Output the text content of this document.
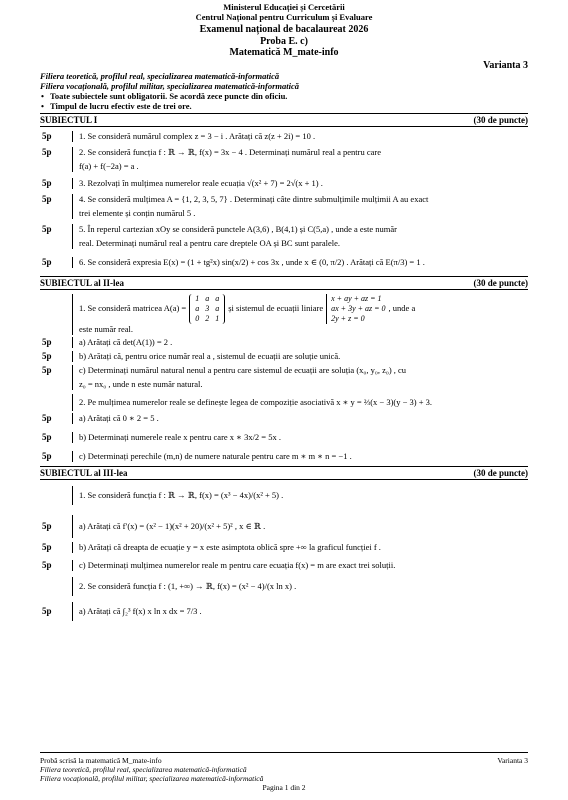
Ministerul Educației și Cercetării
Centrul Național pentru Curriculum și Evaluare
Examenul național de bacalaureat 2026
Proba E. c)
Matematică M_mate-info
Varianta 3
Filiera teoretică, profilul real, specializarea matematică-informatică
Filiera vocațională, profilul militar, specializarea matematică-informatică
• Toate subiectele sunt obligatorii. Se acordă zece puncte din oficiu.
• Timpul de lucru efectiv este de trei ore.
SUBIECTUL I	(30 de puncte)
5p	1. Se consideră numărul complex z = 3 − i . Arătați că z(z + 2i) = 10 .
5p	2. Se consideră funcția f : ℝ → ℝ, f(x) = 3x − 4 . Determinați numărul real a pentru care
f(a) + f(−2a) = a .
5p	3. Rezolvați în mulțimea numerelor reale ecuația √(x² + 7) = 2√(x + 1) .
5p	4. Se consideră mulțimea A = {1, 2, 3, 5, 7} . Determinați câte dintre submulțimile mulțimii A au exact
trei elemente și conțin numărul 5 .
5p	5. În reperul cartezian xOy se consideră punctele A(3,6) , B(4,1) și C(5,a) , unde a este număr
real. Determinați numărul real a pentru care dreptele OA și BC sunt paralele.
5p	6. Se consideră expresia E(x) = (1 + tg²x) sin(x/2) + cos 3x , unde x ∈ (0, π/2) . Arătați că E(π/3) = 1 .
SUBIECTUL al II-lea	(30 de puncte)
1. Se consideră matricea A(a) =
1	a	a
a	3	a
0	2	1
și sistemul de ecuații liniare
x + ay + az = 1
ax + 3y + az = 0
2y + z = 0
, unde a
este număr real.
5p	a) Arătați că det(A(1)) = 2 .
5p	b) Arătați că, pentru orice număr real a , sistemul de ecuații are soluție unică.
5p	c) Determinați numărul natural nenul a pentru care sistemul de ecuații are soluția (x₀, y₀, z₀) , cu
z₀ = nx₀ , unde n este număr natural.
2. Pe mulțimea numerelor reale se definește legea de compoziție asociativă x ∗ y = ⅔(x − 3)(y − 3) + 3.
5p	a) Arătați că 0 ∗ 2 = 5 .
5p	b) Determinați numerele reale x pentru care x ∗ 3x/2 = 5x .
5p	c) Determinați perechile (m,n) de numere naturale pentru care m ∗ m ∗ n = −1 .
SUBIECTUL al III-lea	(30 de puncte)
1. Se consideră funcția f : ℝ → ℝ, f(x) = (x³ − 4x)/(x² + 5) .
5p	a) Arătați că f′(x) = (x² − 1)(x² + 20)/(x² + 5)² , x ∈ ℝ .
5p	b) Arătați că dreapta de ecuație y = x este asimptota oblică spre +∞ la graficul funcției f .
5p	c) Determinați mulțimea numerelor reale m pentru care ecuația f(x) = m are exact trei soluții.
2. Se consideră funcția f : (1, +∞) → ℝ, f(x) = (x² − 4)/(x ln x) .
5p	a) Arătați că ∫₂³ f(x) x ln x dx = 7/3 .
Probă scrisă la matematică M_mate-info	Varianta 3
Filiera teoretică, profilul real, specializarea matematică-informatică
Filiera vocațională, profilul militar, specializarea matematică-informatică
Pagina 1 din 2
